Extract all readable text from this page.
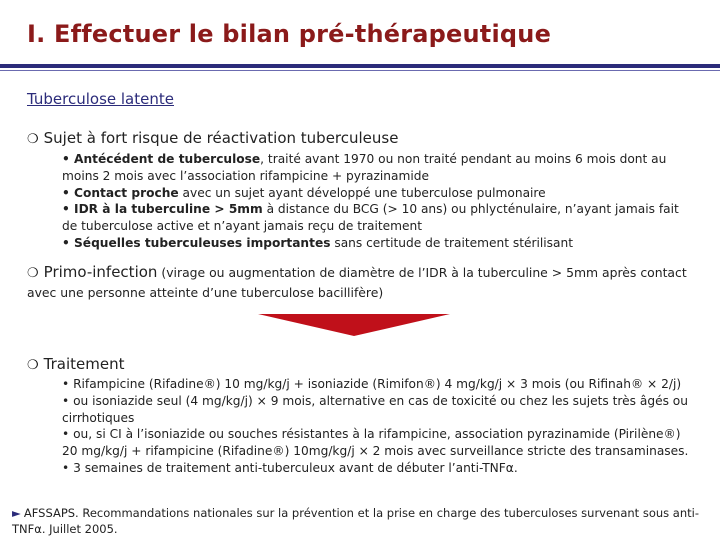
I. Effectuer le bilan pré-thérapeutique
Tuberculose latente
❍ Sujet à fort risque de réactivation tuberculeuse
• Antécédent de tuberculose, traité avant 1970 ou non traité pendant au moins 6 mois dont au moins 2 mois avec l’association rifampicine + pyrazinamide
• Contact proche avec un sujet ayant développé une tuberculose pulmonaire
• IDR à la tuberculine > 5mm à distance du BCG (> 10 ans) ou phlycténulaire, n’ayant jamais fait de tuberculose active et n’ayant jamais reçu de traitement
• Séquelles tuberculeuses importantes sans certitude de traitement stérilisant
❍ Primo-infection (virage ou augmentation de diamètre de l’IDR à la tuberculine > 5mm après contact avec une personne atteinte d’une tuberculose bacillifère)
❍ Traitement
• Rifampicine (Rifadine®) 10 mg/kg/j + isoniazide (Rimifon®) 4 mg/kg/j × 3 mois (ou Rifinah® × 2/j)
• ou isoniazide seul (4 mg/kg/j) × 9 mois, alternative en cas de toxicité ou chez les sujets très âgés ou cirrhotiques
• ou, si CI à l’isoniazide ou souches résistantes à la rifampicine, association pyrazinamide (Pirilène®) 20 mg/kg/j + rifampicine (Rifadine®) 10mg/kg/j × 2 mois avec surveillance stricte des transaminases.
• 3 semaines de traitement anti-tuberculeux avant de débuter l’anti-TNFα.
► AFSSAPS. Recommandations nationales sur la prévention et la prise en charge des tuberculoses survenant sous anti- TNFα. Juillet 2005.
